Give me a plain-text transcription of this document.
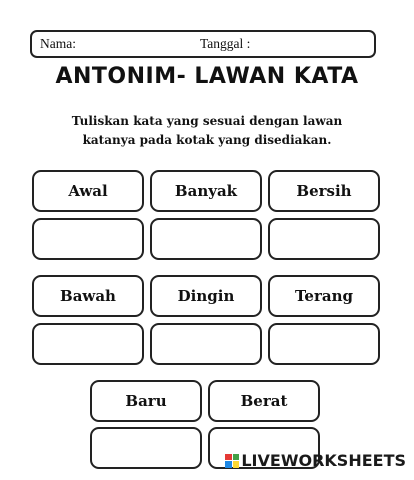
Nama:	Tanggal :
ANTONIM- LAWAN KATA
Tuliskan kata yang sesuai dengan lawan
katanya pada kotak yang disediakan.
Awal	Banyak	Bersih
Bawah	Dingin	Terang
Baru	Berat
LIVEWORKSHEETS
